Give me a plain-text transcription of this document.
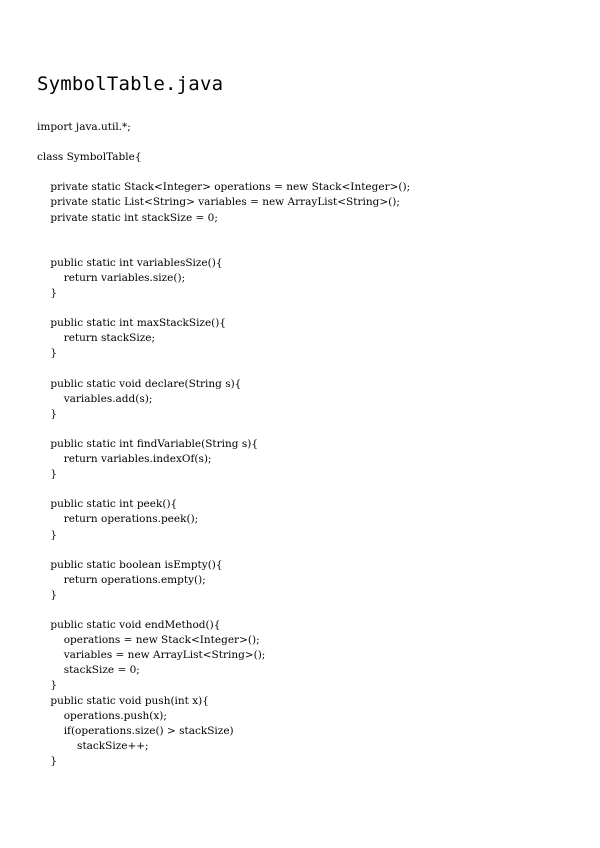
SymbolTable.java
import java.util.*;
class SymbolTable{
private static Stack<Integer> operations = new Stack<Integer>();
private static List<String> variables = new ArrayList<String>();
private static int stackSize = 0;
public static int variablesSize(){
return variables.size();
}
public static int maxStackSize(){
return stackSize;
}
public static void declare(String s){
variables.add(s);
}
public static int findVariable(String s){
return variables.indexOf(s);
}
public static int peek(){
return operations.peek();
}
public static boolean isEmpty(){
return operations.empty();
}
public static void endMethod(){
operations = new Stack<Integer>();
variables = new ArrayList<String>();
stackSize = 0;
}
public static void push(int x){
operations.push(x);
if(operations.size() > stackSize)
stackSize++;
}
